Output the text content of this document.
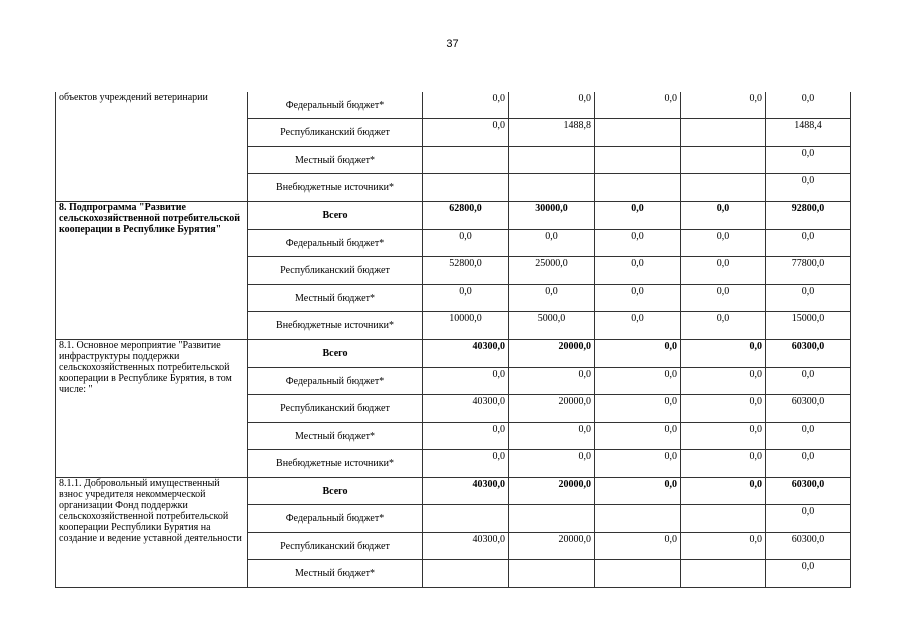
37
объектов учреждений ветеринарии	Федеральный бюджет*	0,0	0,0	0,0	0,0	0,0
	Республиканский бюджет	0,0	1488,8			1488,4
	Местный бюджет*					0,0
	Внебюджетные источники*					0,0
8. Подпрограмма "Развитие сельскохозяйственной потребительской кооперации в Республике Бурятия"	Всего	62800,0	30000,0	0,0	0,0	92800,0
	Федеральный бюджет*	0,0	0,0	0,0	0,0	0,0
	Республиканский бюджет	52800,0	25000,0	0,0	0,0	77800,0
	Местный бюджет*	0,0	0,0	0,0	0,0	0,0
	Внебюджетные источники*	10000,0	5000,0	0,0	0,0	15000,0
8.1. Основное мероприятие "Развитие инфраструктуры поддержки сельскохозяйственных потребительской кооперации в Республике Бурятия, в том числе: "	Всего	40300,0	20000,0	0,0	0,0	60300,0
	Федеральный бюджет*	0,0	0,0	0,0	0,0	0,0
	Республиканский бюджет	40300,0	20000,0	0,0	0,0	60300,0
	Местный бюджет*	0,0	0,0	0,0	0,0	0,0
	Внебюджетные источники*	0,0	0,0	0,0	0,0	0,0
8.1.1. Добровольный имущественный взнос учредителя некоммерческой организации Фонд поддержки сельскохозяйственной потребительской кооперации Республики Бурятия на создание и ведение уставной деятельности	Всего	40300,0	20000,0	0,0	0,0	60300,0
	Федеральный бюджет*					0,0
	Республиканский бюджет	40300,0	20000,0	0,0	0,0	60300,0
	Местный бюджет*					0,0
